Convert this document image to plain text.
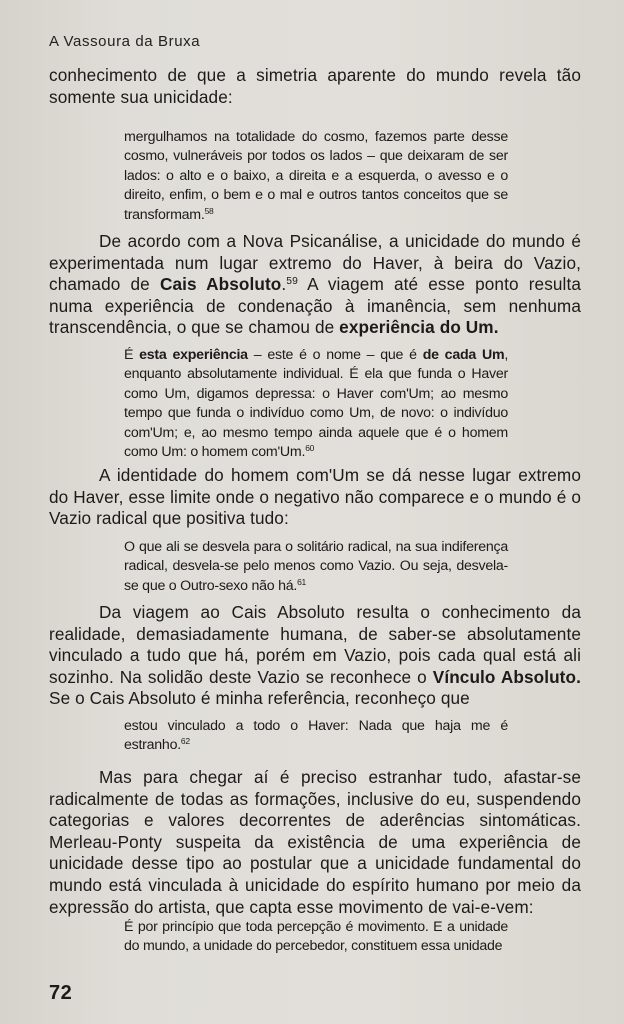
A Vassoura da Bruxa

conhecimento de que a simetria aparente do mundo revela tão somente sua unicidade:

mergulhamos na totalidade do cosmo, fazemos parte desse cosmo, vulneráveis por todos os lados – que deixaram de ser lados: o alto e o baixo, a direita e a esquerda, o avesso e o direito, enfim, o bem e o mal e outros tantos conceitos que se transformam.$^{58}$

De acordo com a Nova Psicanálise, a unicidade do mundo é experimentada num lugar extremo do Haver, à beira do Vazio, chamado de Cais Absoluto.$^{59}$ A viagem até esse ponto resulta numa experiência de condenação à imanência, sem nenhuma transcendência, o que se chamou de experiência do Um.

É esta experiência – este é o nome – que é de cada Um, enquanto absolutamente individual. É ela que funda o Haver como Um, digamos depressa: o Haver com'Um; ao mesmo tempo que funda o indivíduo como Um, de novo: o indivíduo com'Um; e, ao mesmo tempo ainda aquele que é o homem como Um: o homem com'Um.$^{60}$

A identidade do homem com'Um se dá nesse lugar extremo do Haver, esse limite onde o negativo não comparece e o mundo é o Vazio radical que positiva tudo:

O que ali se desvela para o solitário radical, na sua indiferença radical, desvela-se pelo menos como Vazio. Ou seja, desvela-se que o Outro-sexo não há.$^{61}$

Da viagem ao Cais Absoluto resulta o conhecimento da realidade, demasiadamente humana, de saber-se absolutamente vinculado a tudo que há, porém em Vazio, pois cada qual está ali sozinho. Na solidão deste Vazio se reconhece o Vínculo Absoluto. Se o Cais Absoluto é minha referência, reconheço que

estou vinculado a todo o Haver: Nada que haja me é estranho.$^{62}$

Mas para chegar aí é preciso estranhar tudo, afastar-se radicalmente de todas as formações, inclusive do eu, suspendendo categorias e valores decorrentes de aderências sintomáticas. Merleau-Ponty suspeita da existência de uma experiência de unicidade desse tipo ao postular que a unicidade fundamental do mundo está vinculada à unicidade do espírito humano por meio da expressão do artista, que capta esse movimento de vai-e-vem:

É por princípio que toda percepção é movimento. E a unidade do mundo, a unidade do percebedor, constituem essa unidade
72
